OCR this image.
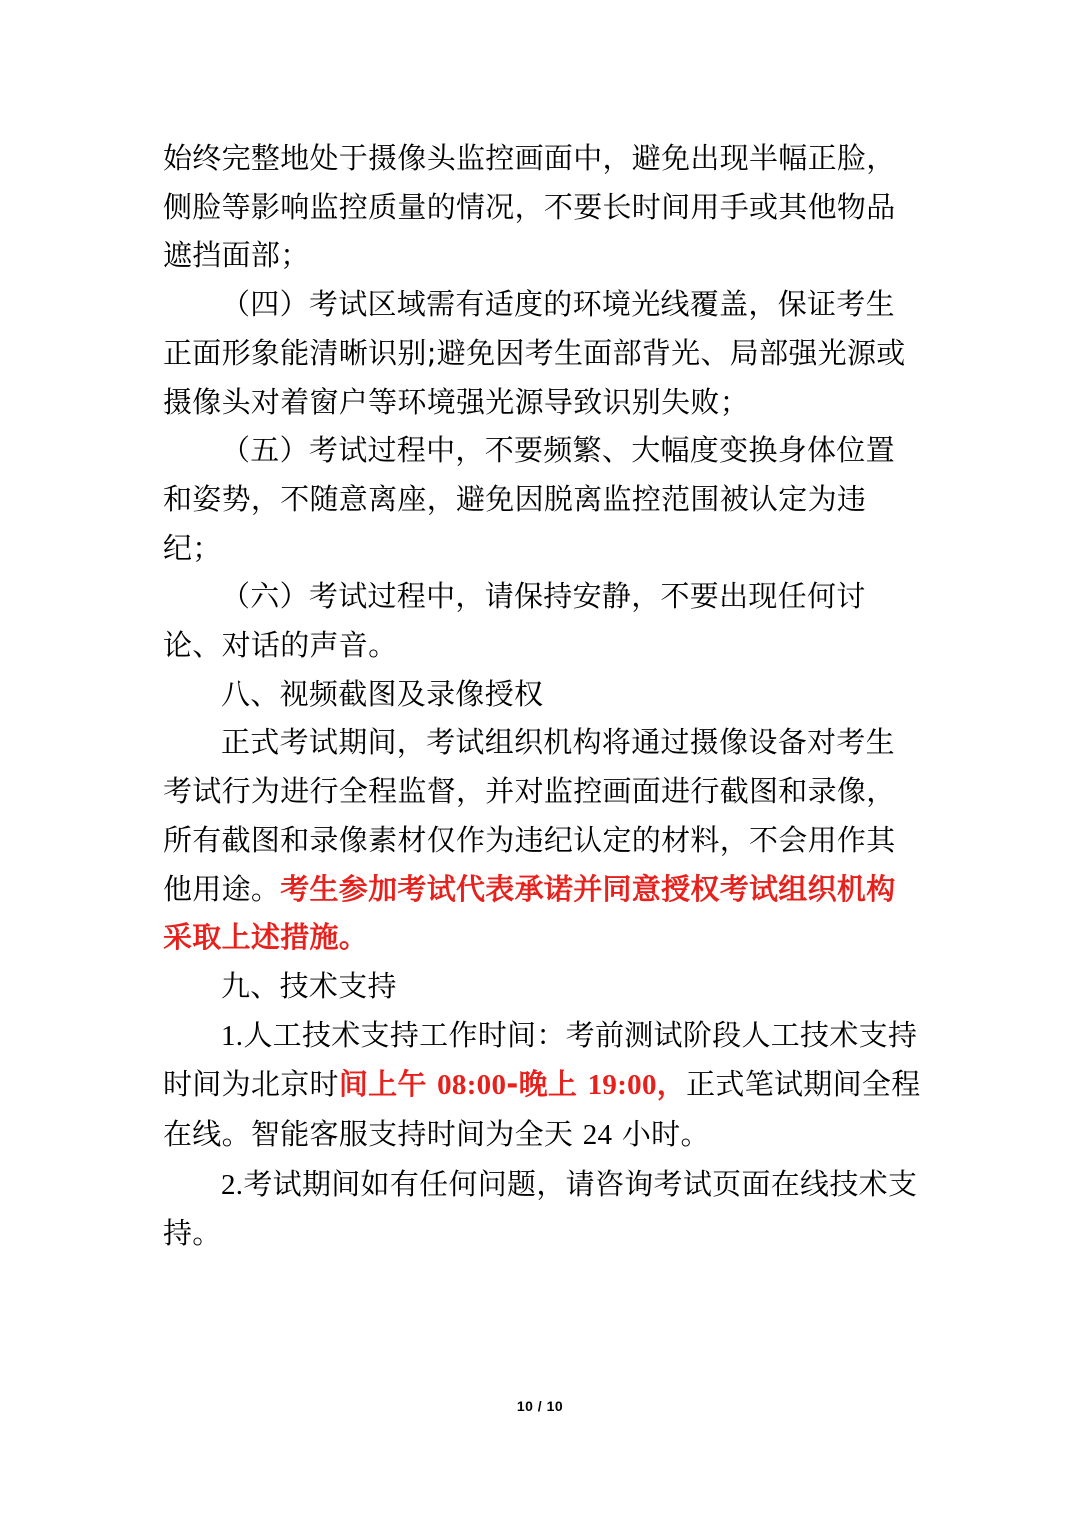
始终完整地处于摄像头监控画面中，避免出现半幅正脸，侧脸等影响监控质量的情况，不要长时间用手或其他物品遮挡面部；

（四）考试区域需有适度的环境光线覆盖，保证考生正面形象能清晰识别;避免因考生面部背光、局部强光源或摄像头对着窗户等环境强光源导致识别失败；

（五）考试过程中，不要频繁、大幅度变换身体位置和姿势，不随意离座，避免因脱离监控范围被认定为违纪；

（六）考试过程中，请保持安静，不要出现任何讨论、对话的声音。

八、视频截图及录像授权

正式考试期间，考试组织机构将通过摄像设备对考生考试行为进行全程监督，并对监控画面进行截图和录像，所有截图和录像素材仅作为违纪认定的材料，不会用作其他用途。考生参加考试代表承诺并同意授权考试组织机构采取上述措施。

九、技术支持

1.人工技术支持工作时间：考前测试阶段人工技术支持时间为北京时间上午 08:00-晚上 19:00，正式笔试期间全程在线。智能客服支持时间为全天 24 小时。

2.考试期间如有任何问题，请咨询考试页面在线技术支持。

10 / 10
